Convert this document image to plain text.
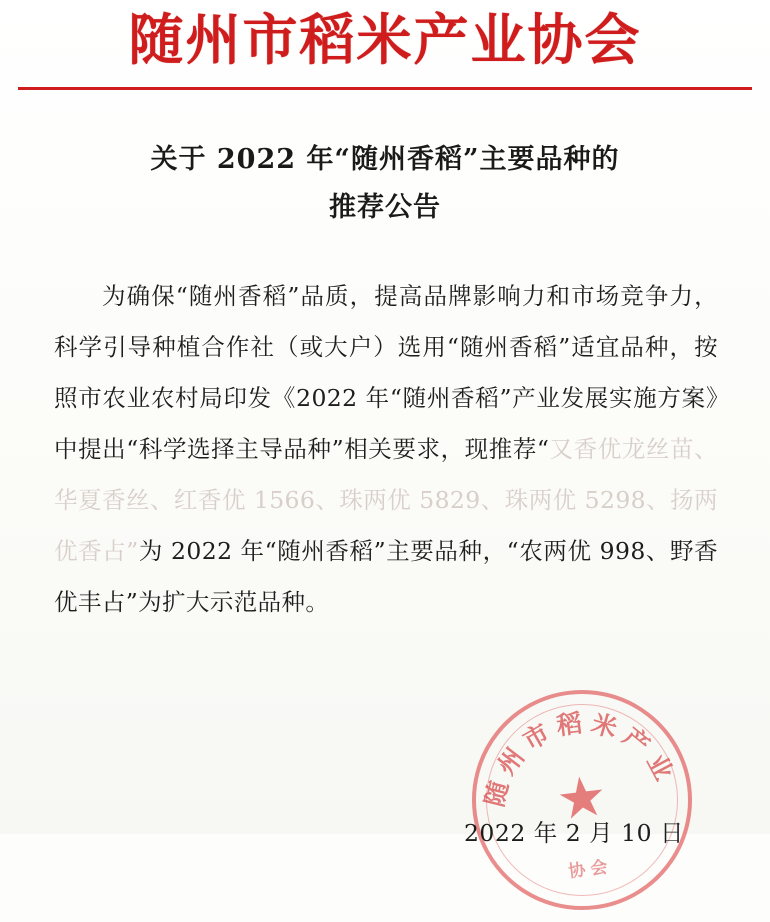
随州市稻米产业协会
关于 2022 年“随州香稻”主要品种的
推荐公告

为确保“随州香稻”品质，提高品牌影响力和市场竞争力，科学引导种植合作社（或大户）选用“随州香稻”适宜品种，按照市农业农村局印发《2022 年“随州香稻”产业发展实施方案》中提出“科学选择主导品种”相关要求，现推荐“又香优龙丝苗、华夏香丝、红香优 1566、珠两优 5829、珠两优 5298、扬两优香占”为 2022 年“随州香稻”主要品种，“农两优 998、野香优丰占”为扩大示范品种。

随州市稻米产业
★
协会
2022 年 2 月 10 日
